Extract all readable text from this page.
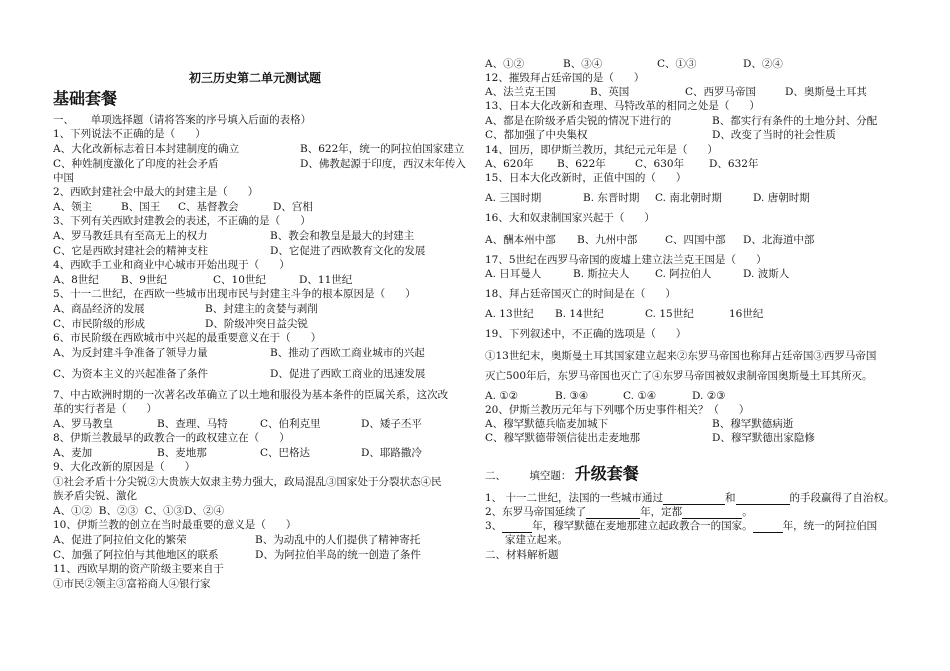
初三历史第二单元测试题
基础套餐
一、     单项选择题（请将答案的序号填入后面的表格）
1、下列说法不正确的是（      ）
A、大化改新标志着日本封建制度的确立	B、622年，统一的阿拉伯国家建立
C、种姓制度激化了印度的社会矛盾	D、佛教起源于印度，西汉末年传入
中国
2、西欧封建社会中最大的封建主是（      ）
A、领主	B、国王 C、基督教会	D、宫相
3、下列有关西欧封建教会的表述，不正确的是（      ）
A、罗马教廷具有至高无上的权力	B、教会和教皇是最大的封建主
C、它是西欧封建社会的精神支柱	D、它促进了西欧教育文化的发展
4、西欧手工业和商业中心城市开始出现于（      ）
A、8世纪 B、9世纪	C、10世纪	D、11世纪
5、十一二世纪，在西欧一些城市出现市民与封建主斗争的根本原因是（      ）
A、商品经济的发展	B、封建主的贪婪与剥削
C、市民阶级的形成	D、阶级冲突日益尖锐
6、市民阶级在西欧城市中兴起的最重要意义在于（      ）
A、为反封建斗争准备了领导力量	B、推动了西欧工商业城市的兴起
C、为资本主义的兴起准备了条件	D、促进了西欧工商业的迅速发展
7、中古欧洲时期的一次著名改革确立了以土地和服役为基本条件的臣属关系，这次改
革的实行者是（      ）
A、罗马教皇	B、查理、马特	C、伯利克里	D、矮子丕平
8、伊斯兰教最早的政教合一的政权建立在（      ）
A、麦加	B、麦地那	C、巴格达	D、耶路撒冷
9、大化改新的原因是（      ）
①社会矛盾十分尖锐②大贵族大奴隶主势力强大，政局混乱③国家处于分裂状态④民
族矛盾尖锐、激化
A、①②  B、②③  C、①③D、②④
10、伊斯兰教的创立在当时最重要的意义是（      ）
A、促进了阿拉伯文化的繁荣	B、为动乱中的人们提供了精神寄托
C、加强了阿拉伯与其他地区的联系	D、为阿拉伯半岛的统一创造了条件
11、西欧早期的资产阶级主要来自于
①市民②领主③富裕商人④银行家
A、①②	B、③④	C、①③	D、②④
12、摧毁拜占廷帝国的是（      ）
A、法兰克王国	B、英国	C、西罗马帝国	D、奥斯曼土耳其
13、日本大化改新和查理、马特改革的相同之处是（      ）
A、都是在阶级矛盾尖锐的情况下进行的	B、都实行有条件的土地分封、分配
C、都加强了中央集权	D、改变了当时的社会性质
14、回历，即伊斯兰教历，其纪元元年是（      ）
A、620年 B、622年	C、630年 D、632年
15、日本大化改新时，正值中国的（      ）
A. 三国时期	B. 东晋时期 C. 南北朝时期	D. 唐朝时期
16、大和奴隶制国家兴起于（      ）
A、酬本州中部 B、九州中部	C、四国中部 D、北海道中部
17、5世纪在西罗马帝国的废墟上建立法兰克王国是（      ）
A. 日耳曼人	B. 斯拉夫人 C. 阿拉伯人	D. 波斯人
18、拜占廷帝国灭亡的时间是在（      ）
A. 13世纪 B. 14世纪	C. 15世纪	16世纪
19、下列叙述中，不正确的选项是（      ）
①13世纪末，奥斯曼土耳其国家建立起来②东罗马帝国也称拜占廷帝国③西罗马帝国
灭亡500年后，东罗马帝国也灭亡了④东罗马帝国被奴隶制帝国奥斯曼土耳其所灭。
A. ①②	B. ③④	C. ①④	D. ②③
20、伊斯兰教历元年与下列哪个历史事件相关？（      ）
A、穆罕默德兵临麦加城下	B、穆罕默德病逝
C、穆罕默德带领信徒出走麦地那	D、穆罕默德出家隐修
二、       填空题： 升级套餐
1、 十一二世纪，法国的一些城市通过	和	的手段赢得了自治权。
2、东罗马帝国延续了	年，定都	。
3、	年，穆罕默德在麦地那建立起政教合一的国家。	年，统一的阿拉伯国
家建立起来。
二、材料解析题
